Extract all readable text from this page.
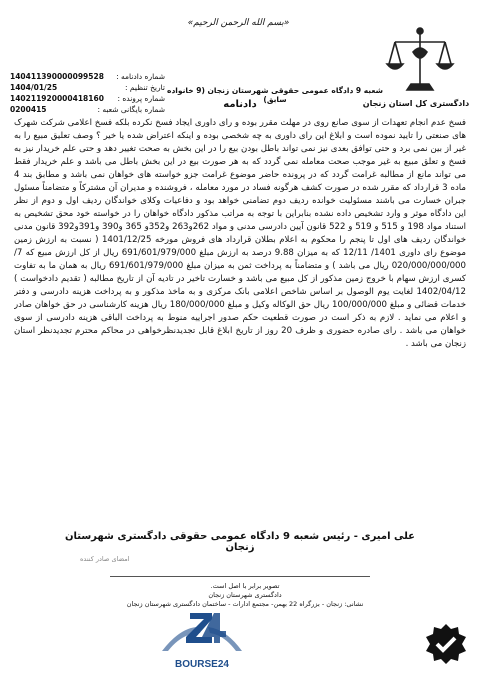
«بسم الله الرحمن الرحیم»
دادگستری کل استان زنجان
شماره دادنامه :
140411390000099528
تاریخ تنظیم :
1404/01/25
شماره پرونده :
140211920000418160
شماره بایگانی شعبه :
0200415
شعبه 9 دادگاه عمومی حقوقی شهرستان زنجان (9 خانواده سابق)
دادنامه
فسخ عدم انجام تعهدات از سوی صانع روی در مهلت مقرر بوده و رای داوری ایجاد فسخ نکرده بلکه فسخ اعلامی شرکت شهرک های صنعتی را تایید نموده است و ابلاغ این رای داوری به چه شخصی بوده و اینکه اعتراض شده یا خیر ؟ وصف تعلیق مبیع را به غیر از بین نمی برد و حتی توافق بعدی نیز نمی تواند باطل بودن بیع را در این بخش به صحت تغییر دهد و حتی علم خریدار نیز به فسخ و تعلق مبیع به غیر موجب صحت معامله نمی گردد که به هر صورت بیع در این بخش باطل می باشد و علم خریدار فقط می تواند مانع از مطالبه غرامت گردد که در پرونده حاضر موضوع غرامت جزو خواسته های خواهان نمی باشد و مطابق بند 4 ماده 3 قرارداد که مقرر شده در صورت کشف هرگونه فساد در مورد معامله ، فروشنده و مدیران آن مشترکاً و متضامناً مسئول جبران خسارت می باشند مسئولیت خوانده ردیف دوم تضامنی خواهد بود و دفاعیات وکلای خواندگان ردیف اول و دوم از نظر این دادگاه موثر و وارد تشخیص داده نشده بنابراین با توجه به مراتب مذکور دادگاه خواهان را در خواسته خود محق تشخیص به استناد مواد 198 و 515 و 519 و 522 قانون آیین دادرسی مدنی و مواد 262و263 و352و 365 و390 و391و392 قانون مدنی خواندگان ردیف های اول تا پنجم را محکوم به اعلام بطلان قرارداد های فروش مورخه 1401/12/25 ( نسبت به ارزش زمین موضوع رای داوری 1401/ 12/11 که به میزان 9.88 درصد به ارزش مبلغ 691/601/979/000 ریال از کل ارزش مبیع که 7/ 020/000/000/000 ریال می باشد ) و متضامناً به پرداخت ثمن به میزان مبلغ 691/601/979/000 ریال به همان ما به تفاوت کسری ارزش سهام با خروج زمین مذکور از کل مبیع می باشد و خسارت تاخیر در تادیه آن از تاریخ مطالبه ( تقدیم دادخواست ) 1402/04/12 لغایت یوم الوصول بر اساس شاخص اعلامی بانک مرکزی و به ماخذ مذکور و به پرداخت هزینه دادرسی و دفتر خدمات قضائی و مبلغ 100/000/000 ریال حق الوکاله وکیل و مبلغ 180/000/000 ریال هزینه کارشناسی در حق خواهان صادر و اعلام می نماید . لازم به ذکر است در صورت قطعیت حکم صدور اجراییه منوط به پرداخت الباقی هزینه دادرسی از سوی خواهان می باشد . رای صادره حضوری و ظرف 20 روز از تاریخ ابلاغ قابل تجدیدنظرخواهی در محاکم محترم تجدیدنظر استان زنجان می باشد .
علی امیری - رئیس شعبه 9 دادگاه عمومی حقوقی دادگستری شهرستان زنجان
امضای صادر کننده
تصویر برابر با اصل است.
دادگستری شهرستان زنجان
نشانی: زنجان - بزرگراه 22 بهمن- مجتمع ادارات - ساختمان دادگستری شهرستان زنجان
BOURSE24
